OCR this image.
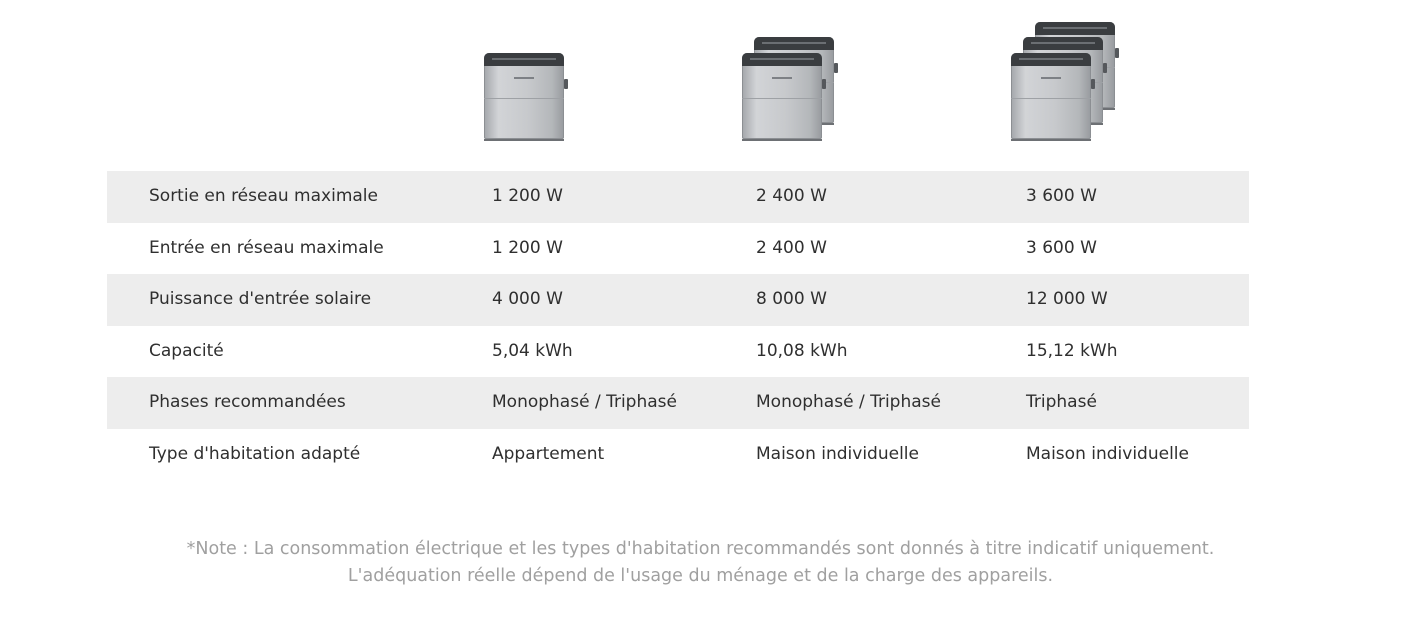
Sortie en réseau maximale	1 200 W	2 400 W	3 600 W
Entrée en réseau maximale	1 200 W	2 400 W	3 600 W
Puissance d'entrée solaire	4 000 W	8 000 W	12 000 W
Capacité	5,04 kWh	10,08 kWh	15,12 kWh
Phases recommandées	Monophasé / Triphasé	Monophasé / Triphasé	Triphasé
Type d'habitation adapté	Appartement	Maison individuelle	Maison individuelle
*Note : La consommation électrique et les types d'habitation recommandés sont donnés à titre indicatif uniquement.
L'adéquation réelle dépend de l'usage du ménage et de la charge des appareils.
